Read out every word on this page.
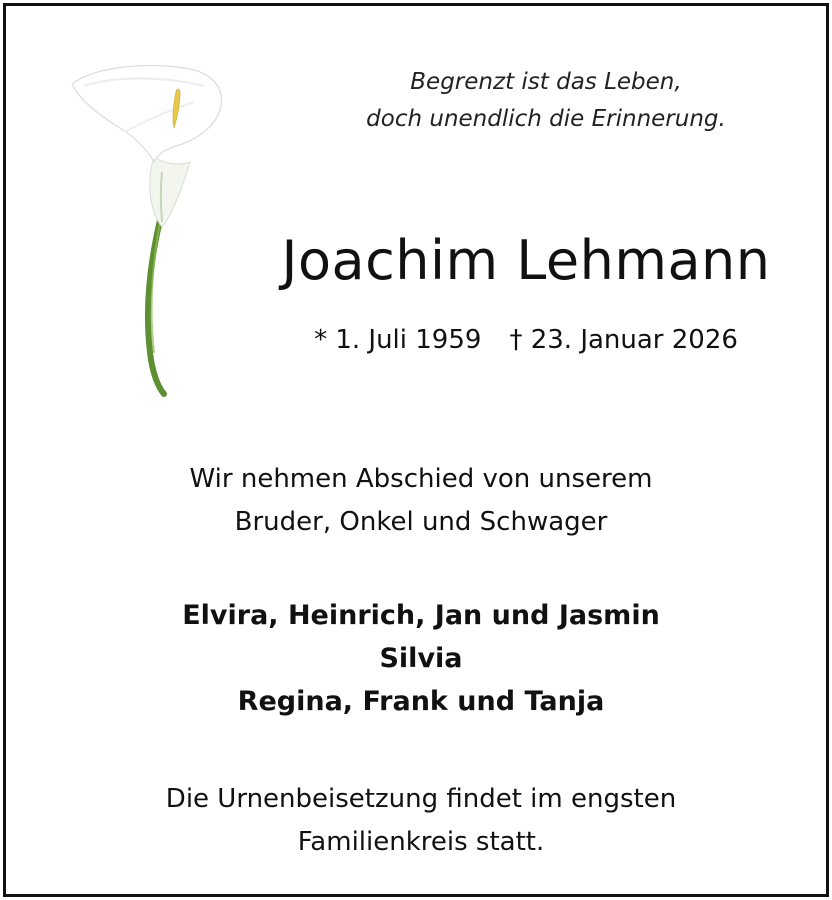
Begrenzt ist das Leben,
doch unendlich die Erinnerung.
Joachim Lehmann
* 1. Juli 1959 † 23. Januar 2026
Wir nehmen Abschied von unserem
Bruder, Onkel und Schwager
Elvira, Heinrich, Jan und Jasmin
Silvia
Regina, Frank und Tanja
Die Urnenbeisetzung findet im engsten
Familienkreis statt.
